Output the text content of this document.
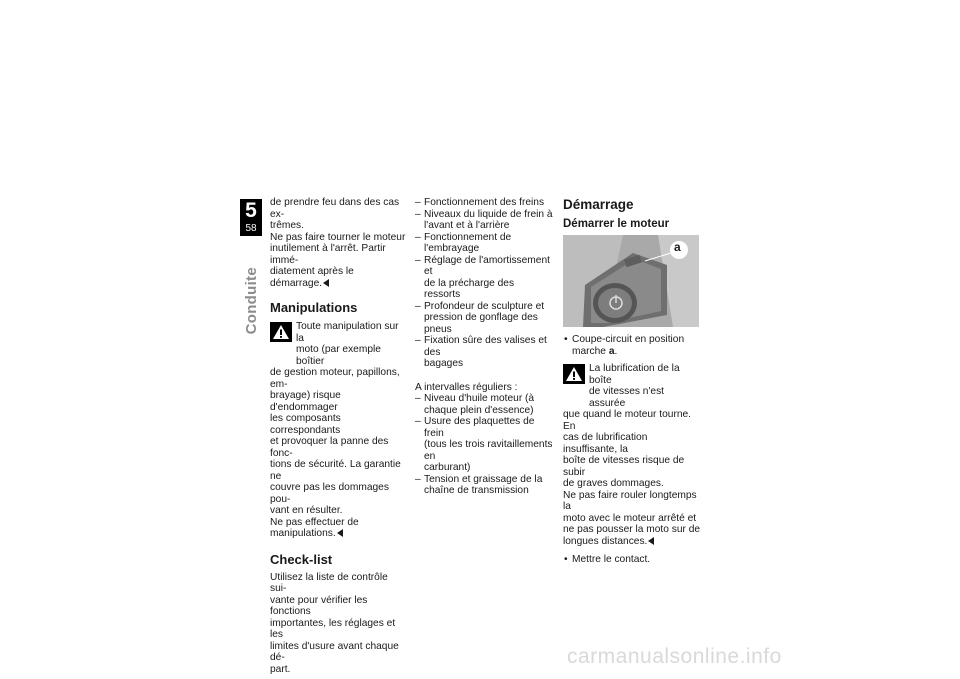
5
58
Conduite

de prendre feu dans des cas ex-
trêmes.
Ne pas faire tourner le moteur
inutilement à l'arrêt. Partir immé-
diatement après le démarrage.

Manipulations
Toute manipulation sur la
moto (par exemple boîtier
de gestion moteur, papillons, em-
brayage) risque d'endommager
les composants correspondants
et provoquer la panne des fonc-
tions de sécurité. La garantie ne
couvre pas les dommages pou-
vant en résulter.
Ne pas effectuer de
manipulations.
Check-list

Utilisez la liste de contrôle sui-
vante pour vérifier les fonctions
importantes, les réglages et les
limites d'usure avant chaque dé-
part.

– Fonctionnement des freins
– Niveaux du liquide de frein à
l'avant et à l'arrière
– Fonctionnement de
l'embrayage
– Réglage de l'amortissement et
de la précharge des ressorts
– Profondeur de sculpture et
pression de gonflage des
pneus
– Fixation sûre des valises et des
bagages

A intervalles réguliers :

– Niveau d'huile moteur (à
chaque plein d'essence)
– Usure des plaquettes de frein
(tous les trois ravitaillements en
carburant)
– Tension et graissage de la
chaîne de transmission
Démarrage
Démarrer le moteur
a
• Coupe-circuit en position
marche a.
La lubrification de la boîte
de vitesses n'est assurée
que quand le moteur tourne. En
cas de lubrification insuffisante, la
boîte de vitesses risque de subir
de graves dommages.
Ne pas faire rouler longtemps la
moto avec le moteur arrêté et
ne pas pousser la moto sur de
longues distances.
• Mettre le contact.
carmanualsonline.info
